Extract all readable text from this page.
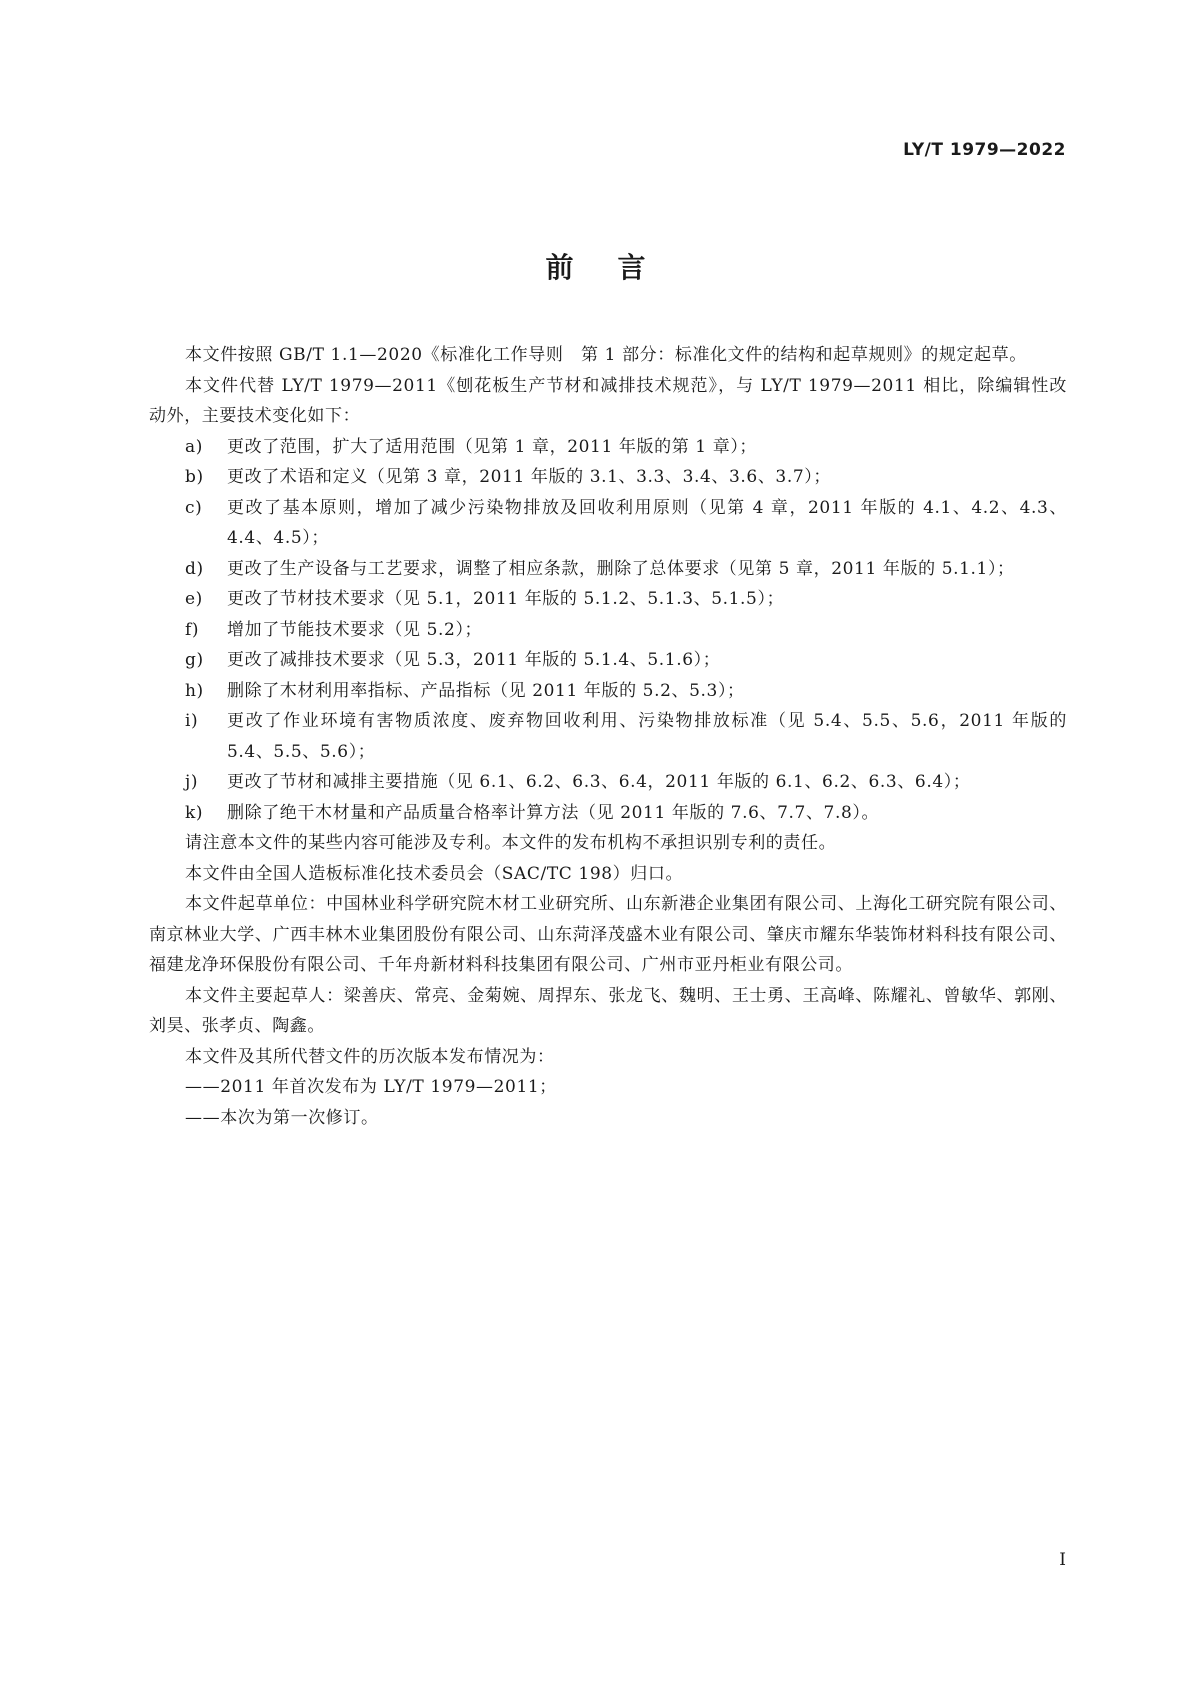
LY/T 1979—2022
前言

本文件按照 GB/T 1.1—2020《标准化工作导则　第 1 部分：标准化文件的结构和起草规则》的规定起草。

本文件代替 LY/T 1979—2011《刨花板生产节材和减排技术规范》，与 LY/T 1979—2011 相比，除编辑性改动外，主要技术变化如下：

a) 更改了范围，扩大了适用范围（见第 1 章，2011 年版的第 1 章）；
b) 更改了术语和定义（见第 3 章，2011 年版的 3.1、3.3、3.4、3.6、3.7）；
c) 更改了基本原则，增加了减少污染物排放及回收利用原则（见第 4 章，2011 年版的 4.1、4.2、4.3、4.4、4.5）；
d) 更改了生产设备与工艺要求，调整了相应条款，删除了总体要求（见第 5 章，2011 年版的 5.1.1）；
e) 更改了节材技术要求（见 5.1，2011 年版的 5.1.2、5.1.3、5.1.5）；
f) 增加了节能技术要求（见 5.2）；
g) 更改了减排技术要求（见 5.3，2011 年版的 5.1.4、5.1.6）；
h) 删除了木材利用率指标、产品指标（见 2011 年版的 5.2、5.3）；
i) 更改了作业环境有害物质浓度、废弃物回收利用、污染物排放标准（见 5.4、5.5、5.6，2011 年版的 5.4、5.5、5.6）；
j) 更改了节材和减排主要措施（见 6.1、6.2、6.3、6.4，2011 年版的 6.1、6.2、6.3、6.4）；
k) 删除了绝干木材量和产品质量合格率计算方法（见 2011 年版的 7.6、7.7、7.8）。

请注意本文件的某些内容可能涉及专利。本文件的发布机构不承担识别专利的责任。

本文件由全国人造板标准化技术委员会（SAC/TC 198）归口。

本文件起草单位：中国林业科学研究院木材工业研究所、山东新港企业集团有限公司、上海化工研究院有限公司、南京林业大学、广西丰林木业集团股份有限公司、山东菏泽茂盛木业有限公司、肇庆市耀东华装饰材料科技有限公司、福建龙净环保股份有限公司、千年舟新材料科技集团有限公司、广州市亚丹柜业有限公司。

本文件主要起草人：梁善庆、常亮、金菊婉、周捍东、张龙飞、魏明、王士勇、王高峰、陈耀礼、曾敏华、郭刚、刘昊、张孝贞、陶鑫。

本文件及其所代替文件的历次版本发布情况为：

——2011 年首次发布为 LY/T 1979—2011；

——本次为第一次修订。

I
